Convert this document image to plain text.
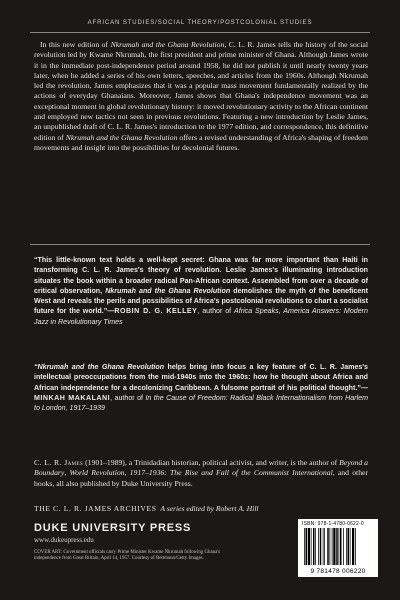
AFRICAN STUDIES/SOCIAL THEORY/POSTCOLONIAL STUDIES
In this new edition of Nkrumah and the Ghana Revolution, C. L. R. James tells the history of the social revolution led by Kwame Nkrumah, the first president and prime minister of Ghana. Although James wrote it in the immediate post-independence period around 1958, he did not publish it until nearly twenty years later, when he added a series of his own letters, speeches, and articles from the 1960s. Although Nkrumah led the revolution, James emphasizes that it was a popular mass movement fundamentally realized by the actions of everyday Ghanaians. Moreover, James shows that Ghana's independence movement was an exceptional moment in global revolutionary history: it moved revolutionary activity to the African continent and employed new tactics not seen in previous revolutions. Featuring a new introduction by Leslie James, an unpublished draft of C. L. R. James's introduction to the 1977 edition, and correspondence, this definitive edition of Nkrumah and the Ghana Revolution offers a revised understanding of Africa's shaping of freedom movements and insight into the possibilities for decolonial futures.
“This little-known text holds a well-kept secret: Ghana was far more important than Haiti in transforming C. L. R. James's theory of revolution. Leslie James's illuminating introduction situates the book within a broader radical Pan-African context. Assembled from over a decade of critical observation, Nkrumah and the Ghana Revolution demolishes the myth of the beneficent West and reveals the perils and possibilities of Africa's postcolonial revolutions to chart a socialist future for the world.”—ROBIN D. G. KELLEY, author of Africa Speaks, America Answers: Modern Jazz in Revolutionary Times
“Nkrumah and the Ghana Revolution helps bring into focus a key feature of C. L. R. James's intellectual preoccupations from the mid-1940s into the 1960s: how he thought about Africa and African independence for a decolonizing Caribbean. A fulsome portrait of his political thought.”—MINKAH MAKALANI, author of In the Cause of Freedom: Radical Black Internationalism from Harlem to London, 1917–1939
C. L. R. James (1901–1989), a Trinidadian historian, political activist, and writer, is the author of Beyond a Boundary, World Revolution, 1917–1936: The Rise and Fall of the Communist International, and other books, all also published by Duke University Press.
THE C. L. R. JAMES ARCHIVES A series edited by Robert A. Hill
DUKE UNIVERSITY PRESS
www.dukeupress.edu
COVER ART: Government officials carry Prime Minister Kwame Nkrumah following Ghana's independence from Great Britain, April 14, 1957. Courtesy of Bettmann/Getty Images.
ISBN: 978-1-4780-0622-0
9 781478 006220
